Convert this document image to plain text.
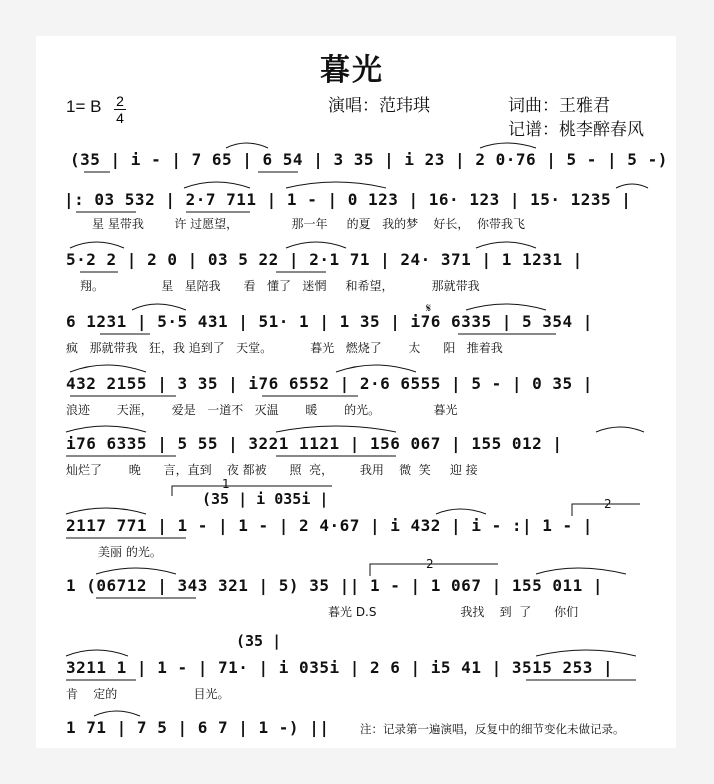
暮光
1= B 2
4
演唱：范玮琪	词曲：王雅君
记谱：桃李醉春风
(35 | i - | 7 65 | 6 54 | 3 35 | i 23 | 2 0·76 | 5 - | 5 -)
|: 03 532 | 2·7 711 | 1 - | 0 123 | 16· 123 | 15· 1235 |
星 星带我        许 过愿望，              那一年     的夏   我的梦    好长，  你带我飞
5·2 2 | 2 0 | 03 5 22 | 2·1 71 | 24· 371 | 1 1231 |
翔。               星   星陪我      看   懂了   迷惘     和希望，          那就带我
6 1231 | 5·5 431 | 51· 1 | 1 35 | i76 6335 | 5 354 |
疯   那就带我   狂，我 追到了   天堂。          暮光   燃烧了       太      阳   推着我
432 2155 | 3 35 | i76 6552 | 2·6 6555 | 5 - | 0 35 |
浪迹       天涯，     爱是   一道不   灭温       暖       的光。              暮光
i76 6335 | 5 55 | 3221 1121 | 156 067 | 155 012 |
灿烂了       晚      言，直到    夜 都被      照  亮，       我用    微  笑     迎 接
(35 | i 035i |
2117 771 | 1 - | 1 - | 2 4·67 | i 432 | i - :| 1 - |
美丽 的光。
1 (06712 | 343 321 | 5) 35 || 1 - | 1 067 | 155 011 |
暮光 D.S                      我找    到  了      你们
(35 |
3211 1 | 1 - | 71· | i 035i | 2 6 | i5 41 | 3515 253 |
肯    定的                    目光。
1 71 | 7 5 | 6 7 | 1 -) ||	注：记录第一遍演唱，反复中的细节变化未做记录。
1
2
2
𝄋
